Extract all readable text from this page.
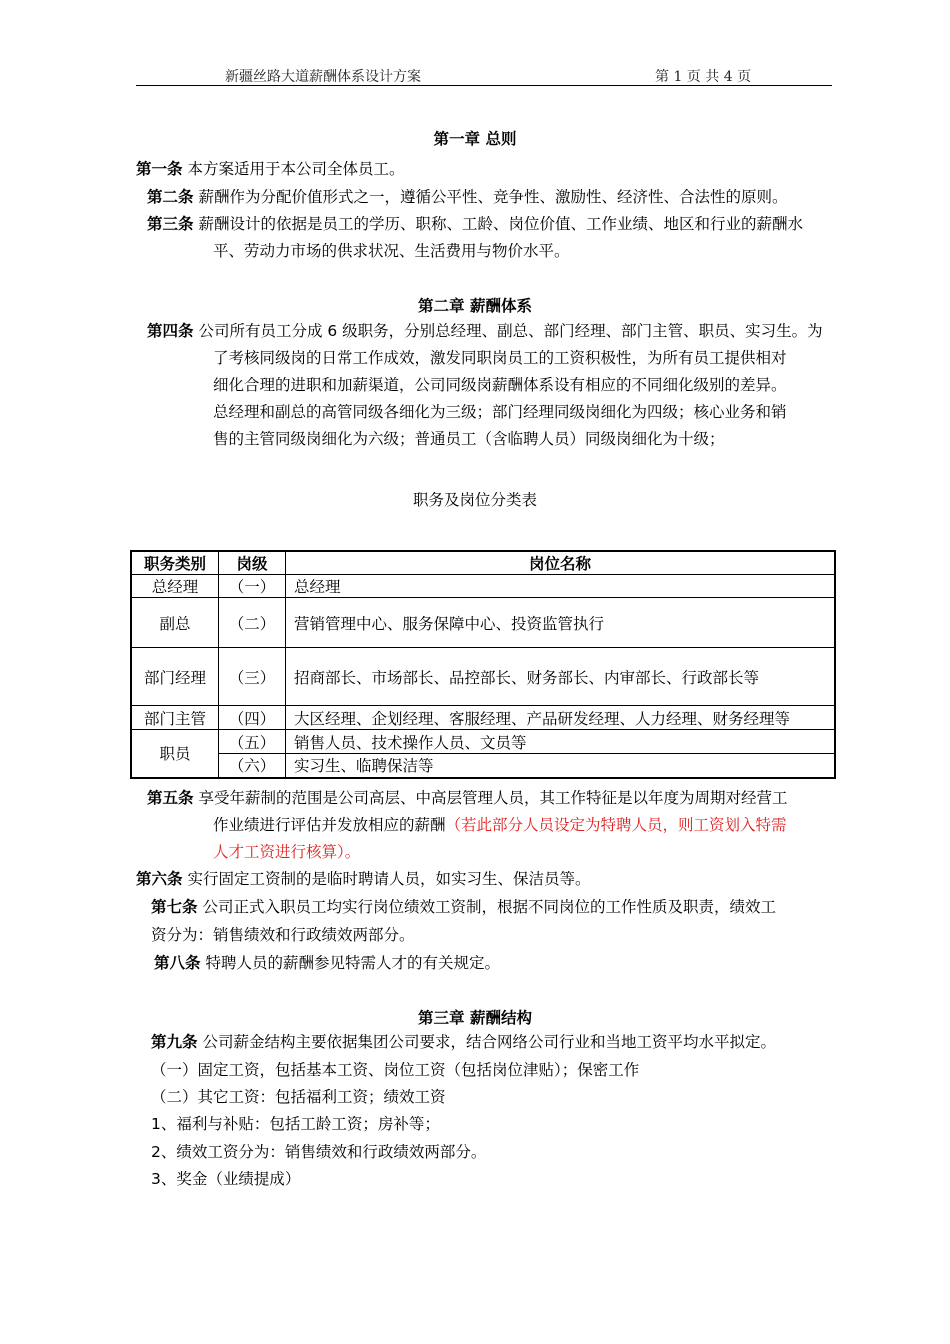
新疆丝路大道薪酬体系设计方案	第 1 页 共 4 页
第一章 总则

第一条 本方案适用于本公司全体员工。

第二条 薪酬作为分配价值形式之一，遵循公平性、竞争性、激励性、经济性、合法性的原则。

第三条 薪酬设计的依据是员工的学历、职称、工龄、岗位价值、工作业绩、地区和行业的薪酬水

平、劳动力市场的供求状况、生活费用与物价水平。

第二章 薪酬体系

第四条 公司所有员工分成 6 级职务，分别总经理、副总、部门经理、部门主管、职员、实习生。为

了考核同级岗的日常工作成效，激发同职岗员工的工资积极性，为所有员工提供相对

细化合理的进职和加薪渠道，公司同级岗薪酬体系设有相应的不同细化级别的差异。

总经理和副总的高管同级各细化为三级；部门经理同级岗细化为四级；核心业务和销

售的主管同级岗细化为六级；普通员工（含临聘人员）同级岗细化为十级；

职务及岗位分类表
职务类别	岗级	岗位名称
总经理	（一）	总经理
副总	（二）	营销管理中心、服务保障中心、投资监管执行
部门经理	（三）	招商部长、市场部长、品控部长、财务部长、内审部长、行政部长等
部门主管	（四）	大区经理、企划经理、客服经理、产品研发经理、人力经理、财务经理等
职员	（五）	销售人员、技术操作人员、文员等
	（六）	实习生、临聘保洁等

第五条 享受年薪制的范围是公司高层、中高层管理人员，其工作特征是以年度为周期对经营工

作业绩进行评估并发放相应的薪酬（若此部分人员设定为特聘人员，则工资划入特需

人才工资进行核算）。

第六条 实行固定工资制的是临时聘请人员，如实习生、保洁员等。

第七条 公司正式入职员工均实行岗位绩效工资制，根据不同岗位的工作性质及职责，绩效工

资分为：销售绩效和行政绩效两部分。

第八条 特聘人员的薪酬参见特需人才的有关规定。

第三章 薪酬结构

第九条 公司薪金结构主要依据集团公司要求，结合网络公司行业和当地工资平均水平拟定。

（一）固定工资，包括基本工资、岗位工资（包括岗位津贴）；保密工作

（二）其它工资：包括福利工资；绩效工资

1、福利与补贴：包括工龄工资；房补等；

2、绩效工资分为：销售绩效和行政绩效两部分。

3、奖金（业绩提成）
